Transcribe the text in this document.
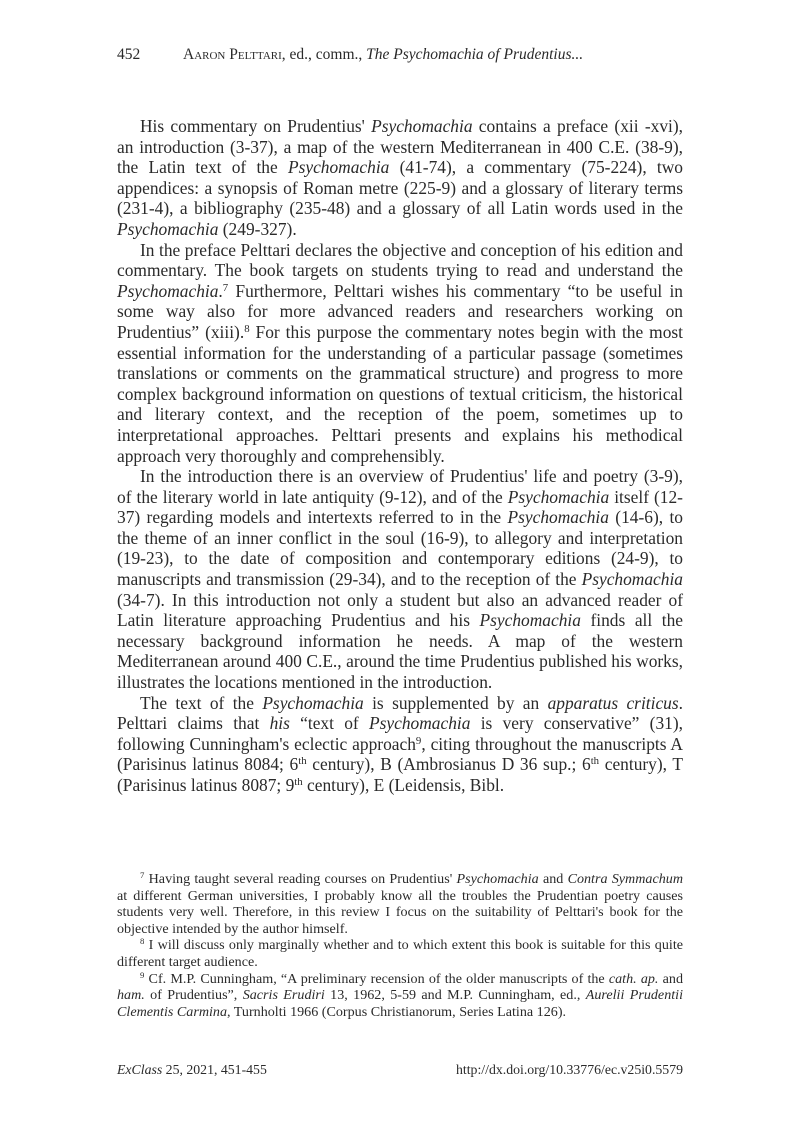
452	Aaron Pelttari, ed., comm., The Psychomachia of Prudentius...

His commentary on Prudentius' Psychomachia contains a preface (xii -xvi), an introduction (3-37), a map of the western Mediterranean in 400 C.E. (38-9), the Latin text of the Psychomachia (41-74), a commentary (75-224), two appendices: a synopsis of Roman metre (225-9) and a glossary of literary terms (231-4), a bibliography (235-48) and a glossary of all Latin words used in the Psychomachia (249-327).

In the preface Pelttari declares the objective and conception of his edition and commentary. The book targets on students trying to read and understand the Psychomachia.$^7$ Furthermore, Pelttari wishes his commentary “to be useful in some way also for more advanced readers and researchers working on Prudentius” (xiii).$^8$ For this purpose the commentary notes begin with the most essential information for the understanding of a particular passage (sometimes translations or comments on the grammatical structure) and progress to more complex background information on questions of textual criticism, the historical and literary context, and the reception of the poem, sometimes up to interpretational approaches. Pelttari presents and explains his methodical approach very thoroughly and comprehensibly.

In the introduction there is an overview of Prudentius' life and poetry (3-9), of the literary world in late antiquity (9-12), and of the Psychomachia itself (12-37) regarding models and intertexts referred to in the Psychomachia (14-6), to the theme of an inner conflict in the soul (16-9), to allegory and interpretation (19-23), to the date of composition and contemporary editions (24-9), to manuscripts and transmission (29-34), and to the reception of the Psychomachia (34-7). In this introduction not only a student but also an advanced reader of Latin literature approaching Prudentius and his Psychomachia finds all the necessary background information he needs. A map of the western Mediterranean around 400 C.E., around the time Prudentius published his works, illustrates the locations mentioned in the introduction.

The text of the Psychomachia is supplemented by an apparatus criticus. Pelttari claims that his “text of Psychomachia is very conservative” (31), following Cunningham's eclectic approach$^9$, citing throughout the manuscripts A (Parisinus latinus 8084; 6th century), B (Ambrosianus D 36 sup.; 6th century), T (Parisinus latinus 8087; 9th century), E (Leidensis, Bibl.

$^7$ Having taught several reading courses on Prudentius' Psychomachia and Contra Symmachum at different German universities, I probably know all the troubles the Prudentian poetry causes students very well. Therefore, in this review I focus on the suitability of Pelttari's book for the objective intended by the author himself.

$^8$ I will discuss only marginally whether and to which extent this book is suitable for this quite different target audience.

$^9$ Cf. M.P. Cunningham, “A preliminary recension of the older manuscripts of the cath. ap. and ham. of Prudentius”, Sacris Erudiri 13, 1962, 5-59 and M.P. Cunningham, ed., Aurelii Prudentii Clementis Carmina, Turnholti 1966 (Corpus Christianorum, Series Latina 126).

ExClass 25, 2021, 451-455	http://dx.doi.org/10.33776/ec.v25i0.5579
